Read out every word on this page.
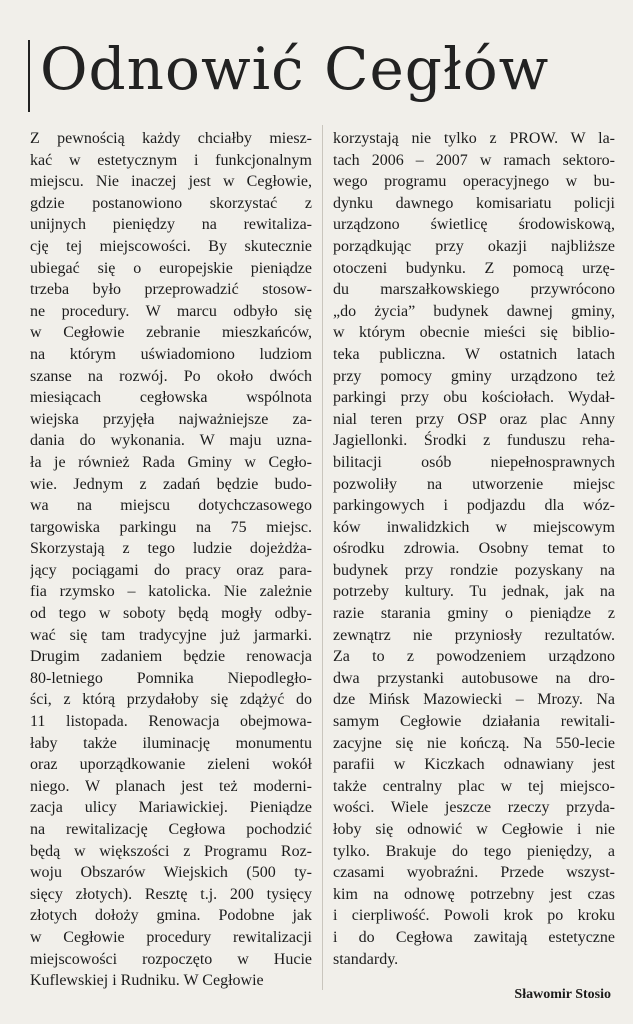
Odnowić Cegłów
Z pewnością każdy chciałby miesz-
kać w estetycznym i funkcjonalnym
miejscu. Nie inaczej jest w Cegłowie,
gdzie postanowiono skorzystać z
unijnych pieniędzy na rewitaliza-
cję tej miejscowości. By skutecznie
ubiegać się o europejskie pieniądze
trzeba było przeprowadzić stosow-
ne procedury. W marcu odbyło się
w Cegłowie zebranie mieszkańców,
na którym uświadomiono ludziom
szanse na rozwój. Po około dwóch
miesiącach cegłowska wspólnota
wiejska przyjęła najważniejsze za-
dania do wykonania. W maju uzna-
ła je również Rada Gminy w Cegło-
wie. Jednym z zadań będzie budo-
wa na miejscu dotychczasowego
targowiska parkingu na 75 miejsc.
Skorzystają z tego ludzie dojeżdża-
jący pociągami do pracy oraz para-
fia rzymsko – katolicka. Nie zależnie
od tego w soboty będą mogły odby-
wać się tam tradycyjne już jarmarki.
Drugim zadaniem będzie renowacja
80-letniego Pomnika Niepodległo-
ści, z którą przydałoby się zdążyć do
11 listopada. Renowacja obejmowa-
łaby także iluminację monumentu
oraz uporządkowanie zieleni wokół
niego. W planach jest też moderni-
zacja ulicy Mariawickiej. Pieniądze
na rewitalizację Cegłowa pochodzić
będą w większości z Programu Roz-
woju Obszarów Wiejskich (500 ty-
sięcy złotych). Resztę t.j. 200 tysięcy
złotych dołoży gmina. Podobne jak
w Cegłowie procedury rewitalizacji
miejscowości rozpoczęto w Hucie
Kuflewskiej i Rudniku. W Cegłowie
korzystają nie tylko z PROW. W la-
tach 2006 – 2007 w ramach sektoro-
wego programu operacyjnego w bu-
dynku dawnego komisariatu policji
urządzono świetlicę środowiskową,
porządkując przy okazji najbliższe
otoczeni budynku. Z pomocą urzę-
du marszałkowskiego przywrócono
„do życia” budynek dawnej gminy,
w którym obecnie mieści się biblio-
teka publiczna. W ostatnich latach
przy pomocy gminy urządzono też
parkingi przy obu kościołach. Wydał-
nial teren przy OSP oraz plac Anny
Jagiellonki. Środki z funduszu reha-
bilitacji osób niepełnosprawnych
pozwoliły na utworzenie miejsc
parkingowych i podjazdu dla wóz-
ków inwalidzkich w miejscowym
ośrodku zdrowia. Osobny temat to
budynek przy rondzie pozyskany na
potrzeby kultury. Tu jednak, jak na
razie starania gminy o pieniądze z
zewnątrz nie przyniosły rezultatów.
Za to z powodzeniem urządzono
dwa przystanki autobusowe na dro-
dze Mińsk Mazowiecki – Mrozy. Na
samym Cegłowie działania rewitali-
zacyjne się nie kończą. Na 550-lecie
parafii w Kiczkach odnawiany jest
także centralny plac w tej miejsco-
wości. Wiele jeszcze rzeczy przyda-
łoby się odnowić w Cegłowie i nie
tylko. Brakuje do tego pieniędzy, a
czasami wyobraźni. Przede wszyst-
kim na odnowę potrzebny jest czas
i cierpliwość. Powoli krok po kroku
i do Cegłowa zawitają estetyczne
standardy.
Sławomir Stosio
